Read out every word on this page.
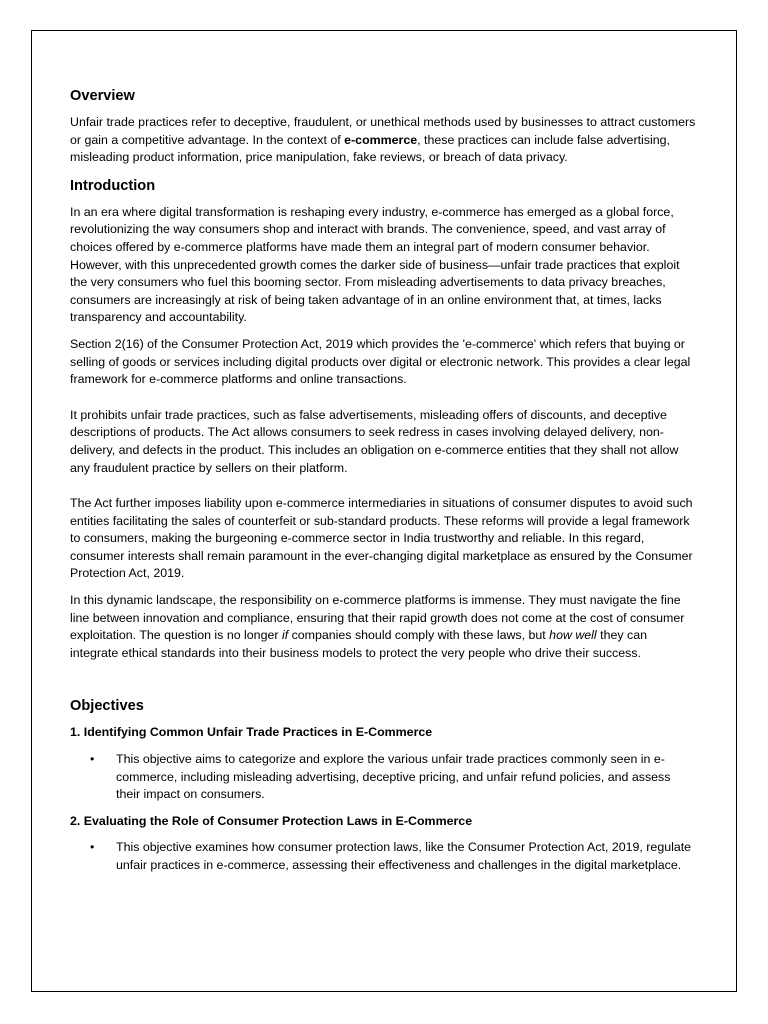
Overview

Unfair trade practices refer to deceptive, fraudulent, or unethical methods used by businesses to attract customers or gain a competitive advantage. In the context of e-commerce, these practices can include false advertising, misleading product information, price manipulation, fake reviews, or breach of data privacy.

Introduction

In an era where digital transformation is reshaping every industry, e-commerce has emerged as a global force, revolutionizing the way consumers shop and interact with brands. The convenience, speed, and vast array of choices offered by e-commerce platforms have made them an integral part of modern consumer behavior. However, with this unprecedented growth comes the darker side of business—unfair trade practices that exploit the very consumers who fuel this booming sector. From misleading advertisements to data privacy breaches, consumers are increasingly at risk of being taken advantage of in an online environment that, at times, lacks transparency and accountability.

Section 2(16) of the Consumer Protection Act, 2019 which provides the 'e-commerce' which refers that buying or selling of goods or services including digital products over digital or electronic network. This provides a clear legal framework for e-commerce platforms and online transactions.

It prohibits unfair trade practices, such as false advertisements, misleading offers of discounts, and deceptive descriptions of products. The Act allows consumers to seek redress in cases involving delayed delivery, non-delivery, and defects in the product. This includes an obligation on e-commerce entities that they shall not allow any fraudulent practice by sellers on their platform.

The Act further imposes liability upon e-commerce intermediaries in situations of consumer disputes to avoid such entities facilitating the sales of counterfeit or sub-standard products. These reforms will provide a legal framework to consumers, making the burgeoning e-commerce sector in India trustworthy and reliable. In this regard, consumer interests shall remain paramount in the ever-changing digital marketplace as ensured by the Consumer Protection Act, 2019.

In this dynamic landscape, the responsibility on e-commerce platforms is immense. They must navigate the fine line between innovation and compliance, ensuring that their rapid growth does not come at the cost of consumer exploitation. The question is no longer if companies should comply with these laws, but how well they can integrate ethical standards into their business models to protect the very people who drive their success.

Objectives
1. Identifying Common Unfair Trade Practices in E-Commerce
• This objective aims to categorize and explore the various unfair trade practices commonly seen in e-commerce, including misleading advertising, deceptive pricing, and unfair refund policies, and assess their impact on consumers.
2. Evaluating the Role of Consumer Protection Laws in E-Commerce
• This objective examines how consumer protection laws, like the Consumer Protection Act, 2019, regulate unfair practices in e-commerce, assessing their effectiveness and challenges in the digital marketplace.
